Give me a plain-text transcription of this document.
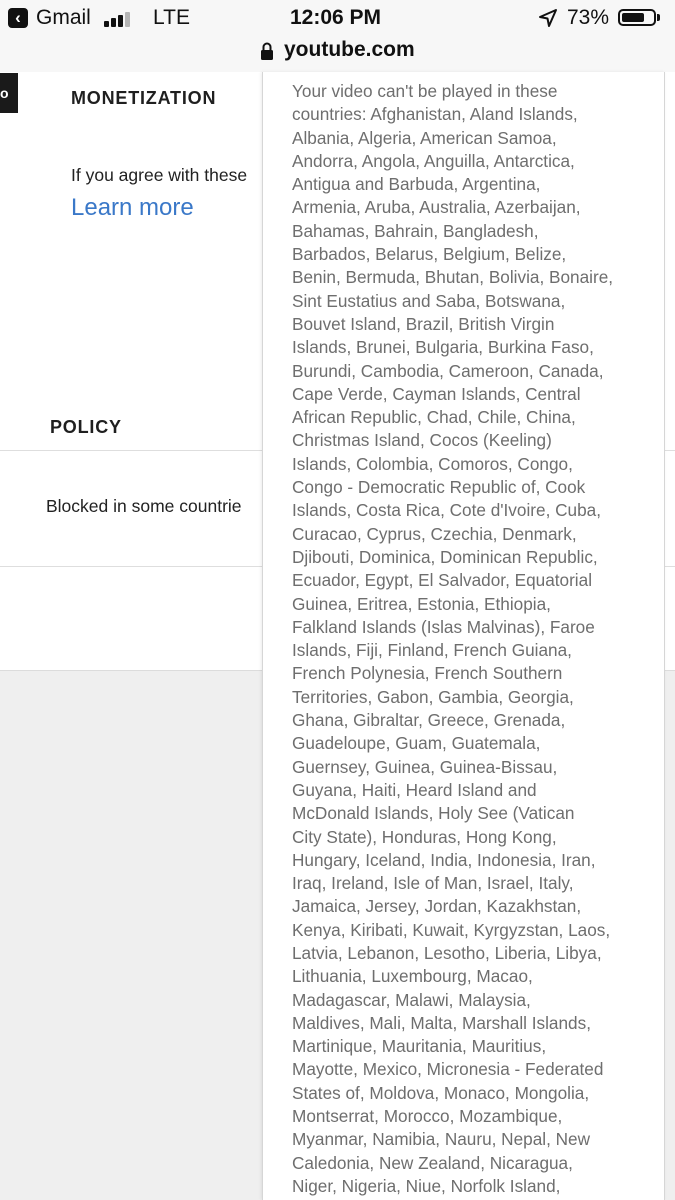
‹ Gmail	LTE	12:06 PM	73%
youtube.com
o	MONETIZATION
If you agree with these
Learn more
POLICY
Blocked in some countrie
Your video can't be played in these
countries: Afghanistan, Aland Islands,
Albania, Algeria, American Samoa,
Andorra, Angola, Anguilla, Antarctica,
Antigua and Barbuda, Argentina,
Armenia, Aruba, Australia, Azerbaijan,
Bahamas, Bahrain, Bangladesh,
Barbados, Belarus, Belgium, Belize,
Benin, Bermuda, Bhutan, Bolivia, Bonaire,
Sint Eustatius and Saba, Botswana,
Bouvet Island, Brazil, British Virgin
Islands, Brunei, Bulgaria, Burkina Faso,
Burundi, Cambodia, Cameroon, Canada,
Cape Verde, Cayman Islands, Central
African Republic, Chad, Chile, China,
Christmas Island, Cocos (Keeling)
Islands, Colombia, Comoros, Congo,
Congo - Democratic Republic of, Cook
Islands, Costa Rica, Cote d'Ivoire, Cuba,
Curacao, Cyprus, Czechia, Denmark,
Djibouti, Dominica, Dominican Republic,
Ecuador, Egypt, El Salvador, Equatorial
Guinea, Eritrea, Estonia, Ethiopia,
Falkland Islands (Islas Malvinas), Faroe
Islands, Fiji, Finland, French Guiana,
French Polynesia, French Southern
Territories, Gabon, Gambia, Georgia,
Ghana, Gibraltar, Greece, Grenada,
Guadeloupe, Guam, Guatemala,
Guernsey, Guinea, Guinea-Bissau,
Guyana, Haiti, Heard Island and
McDonald Islands, Holy See (Vatican
City State), Honduras, Hong Kong,
Hungary, Iceland, India, Indonesia, Iran,
Iraq, Ireland, Isle of Man, Israel, Italy,
Jamaica, Jersey, Jordan, Kazakhstan,
Kenya, Kiribati, Kuwait, Kyrgyzstan, Laos,
Latvia, Lebanon, Lesotho, Liberia, Libya,
Lithuania, Luxembourg, Macao,
Madagascar, Malawi, Malaysia,
Maldives, Mali, Malta, Marshall Islands,
Martinique, Mauritania, Mauritius,
Mayotte, Mexico, Micronesia - Federated
States of, Moldova, Monaco, Mongolia,
Montserrat, Morocco, Mozambique,
Myanmar, Namibia, Nauru, Nepal, New
Caledonia, New Zealand, Nicaragua,
Niger, Nigeria, Niue, Norfolk Island,
